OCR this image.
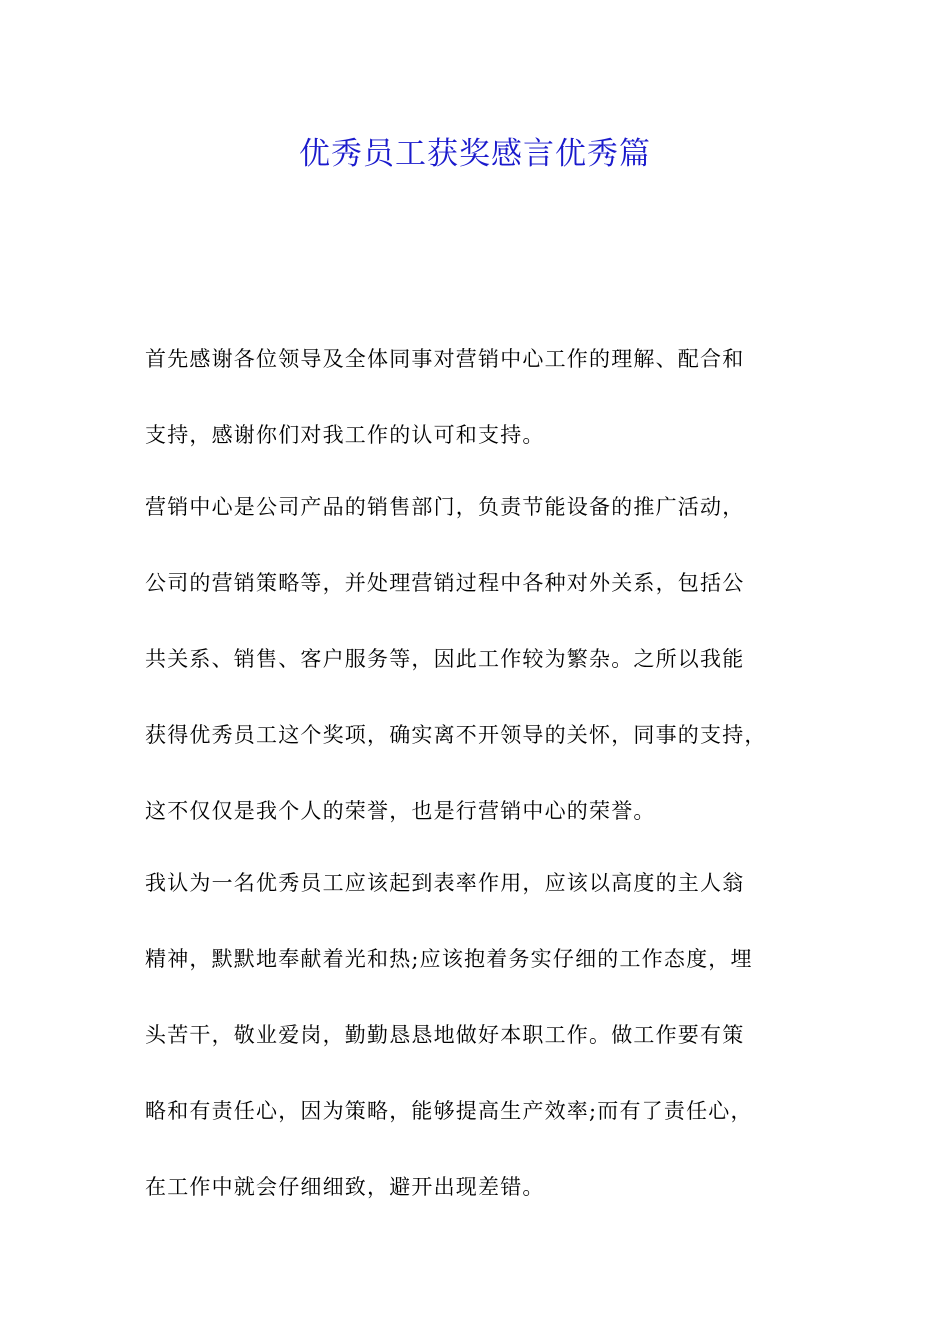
优秀员工获奖感言优秀篇
首先感谢各位领导及全体同事对营销中心工作的理解、配合和
支持，感谢你们对我工作的认可和支持。
营销中心是公司产品的销售部门，负责节能设备的推广活动，
公司的营销策略等，并处理营销过程中各种对外关系，包括公
共关系、销售、客户服务等，因此工作较为繁杂。之所以我能
获得优秀员工这个奖项，确实离不开领导的关怀，同事的支持，
这不仅仅是我个人的荣誉，也是行营销中心的荣誉。
我认为一名优秀员工应该起到表率作用，应该以高度的主人翁
精神，默默地奉献着光和热;应该抱着务实仔细的工作态度，埋
头苦干，敬业爱岗，勤勤恳恳地做好本职工作。做工作要有策
略和有责任心，因为策略，能够提高生产效率;而有了责任心，
在工作中就会仔细细致，避开出现差错。
